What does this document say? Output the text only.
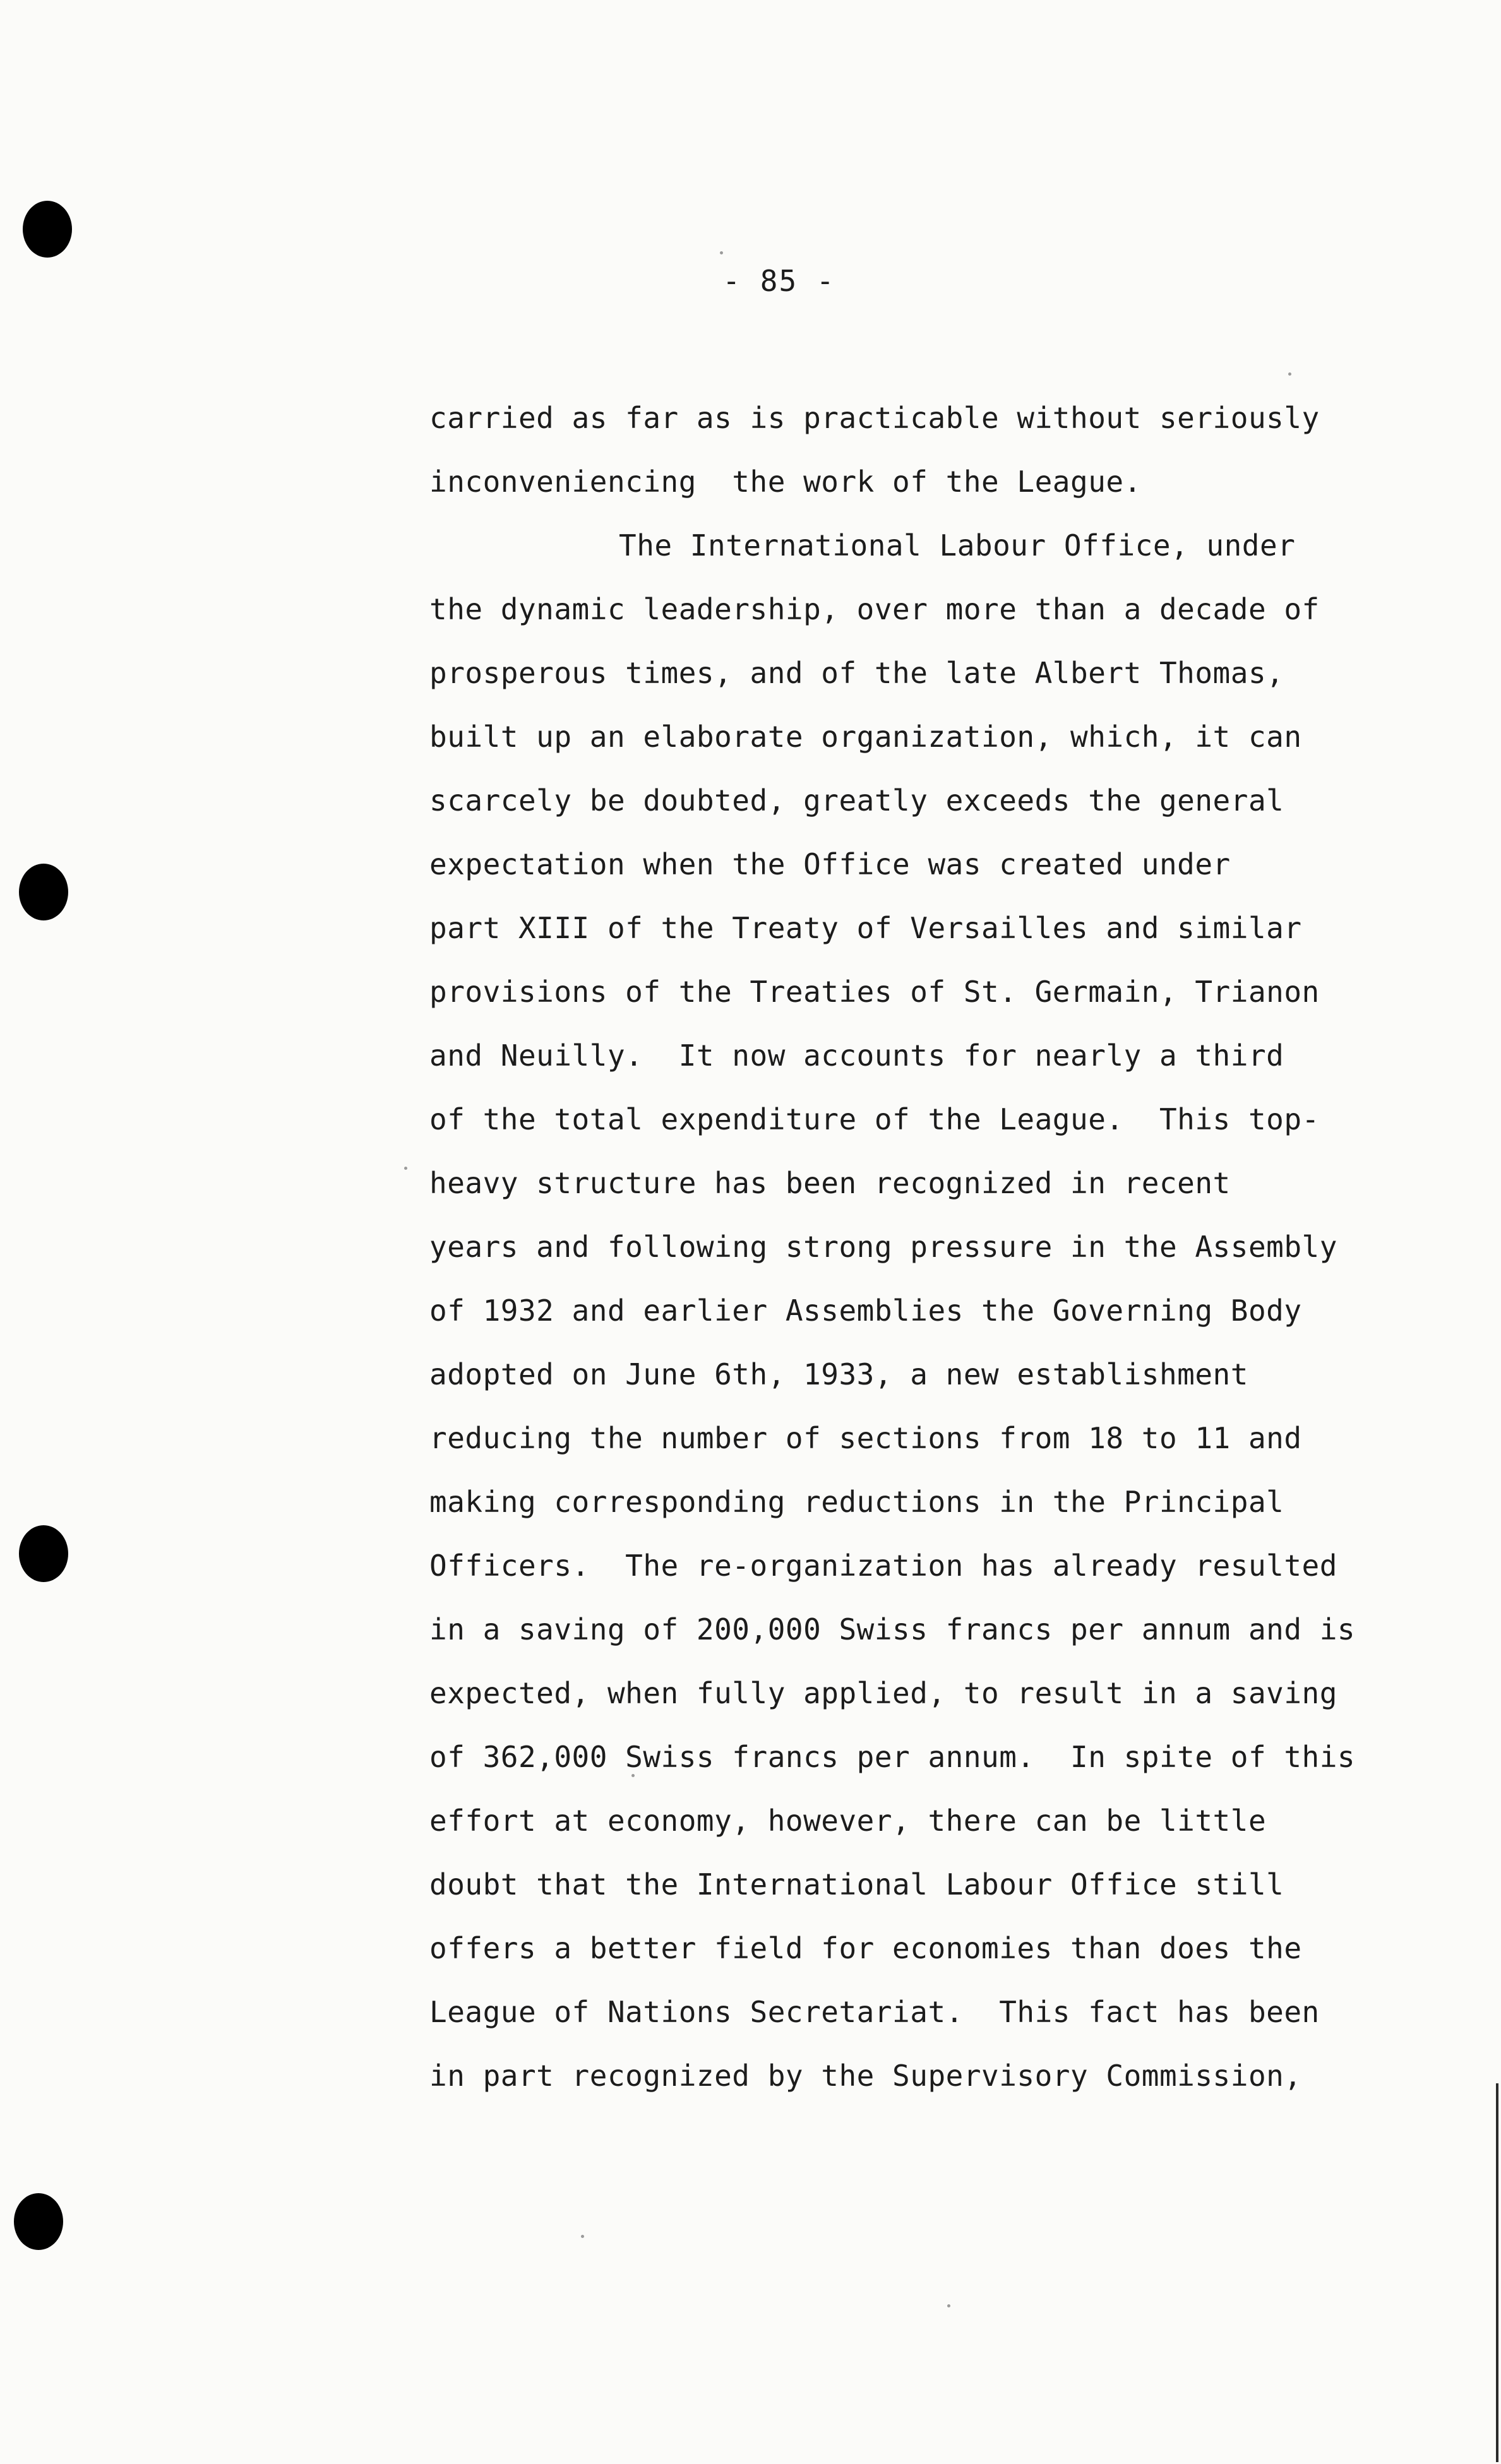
- 85 -
carried as far as is practicable without seriously
inconveniencing  the work of the League.
The International Labour Office, under
the dynamic leadership, over more than a decade of
prosperous times, and of the late Albert Thomas,
built up an elaborate organization, which, it can
scarcely be doubted, greatly exceeds the general
expectation when the Office was created under
part XIII of the Treaty of Versailles and similar
provisions of the Treaties of St. Germain, Trianon
and Neuilly.  It now accounts for nearly a third
of the total expenditure of the League.  This top-
heavy structure has been recognized in recent
years and following strong pressure in the Assembly
of 1932 and earlier Assemblies the Governing Body
adopted on June 6th, 1933, a new establishment
reducing the number of sections from 18 to 11 and
making corresponding reductions in the Principal
Officers.  The re-organization has already resulted
in a saving of 200,000 Swiss francs per annum and is
expected, when fully applied, to result in a saving
of 362,000 Swiss francs per annum.  In spite of this
effort at economy, however, there can be little
doubt that the International Labour Office still
offers a better field for economies than does the
League of Nations Secretariat.  This fact has been
in part recognized by the Supervisory Commission,
